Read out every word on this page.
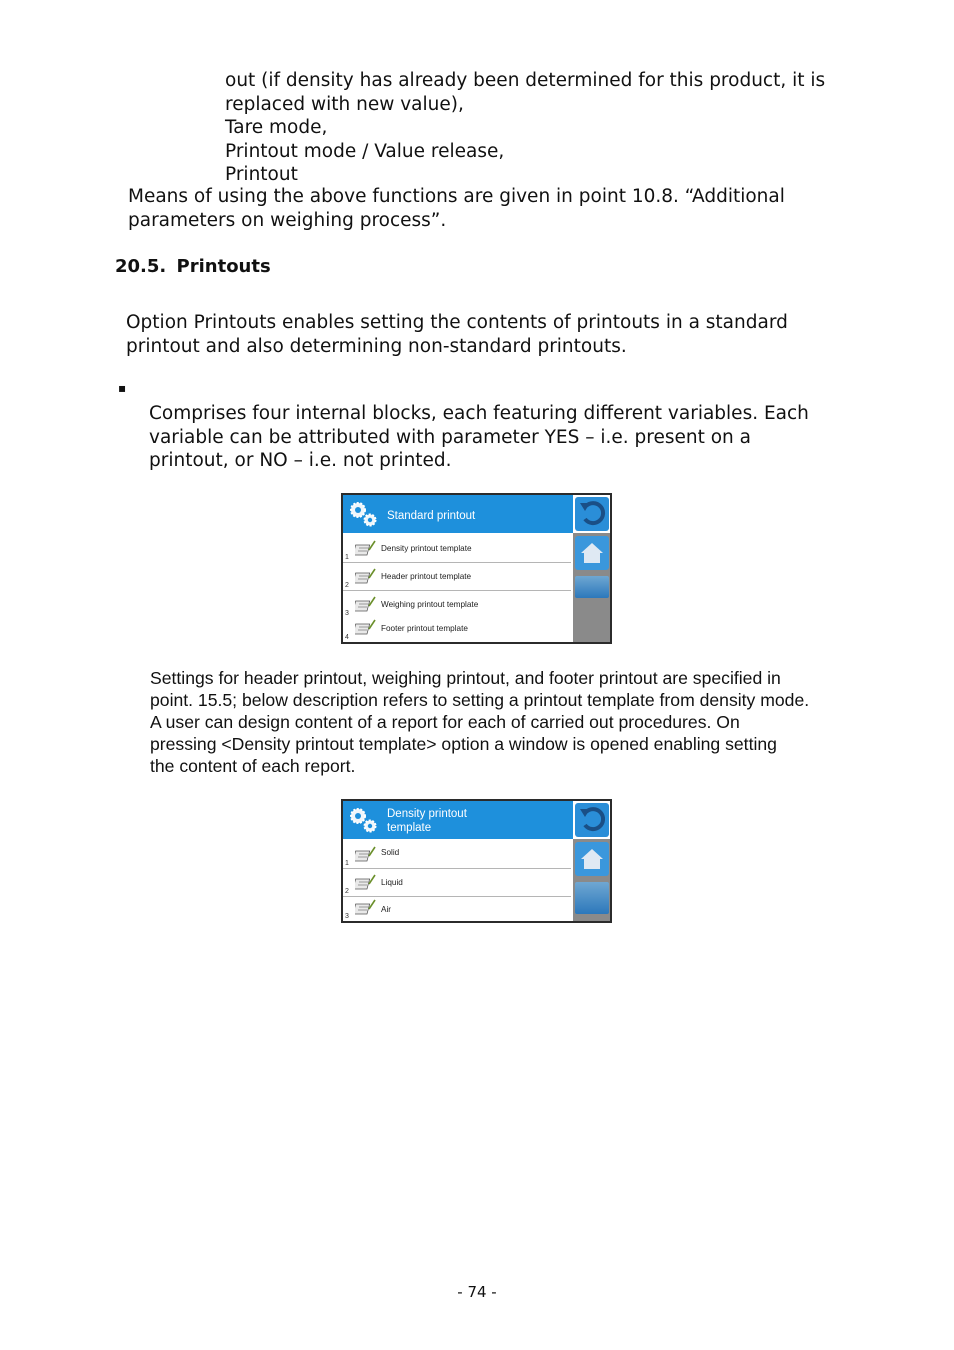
out (if density has already been determined for this product, it is
replaced with new value),
Tare mode,
Printout mode / Value release,
Printout
Means of using the above functions are given in point 10.8. “Additional
parameters on weighing process”.
20.5. Printouts
Option Printouts enables setting the contents of printouts in a standard
printout and also determining non-standard printouts.
▪
Comprises four internal blocks, each featuring different variables. Each
variable can be attributed with parameter YES – i.e. present on a
printout, or NO – i.e. not printed.
Standard printout
Density printout template
1
Header printout template
2
Weighing printout template
3
Footer printout template
4
Settings for header printout, weighing printout, and footer printout are specified in
point. 15.5; below description refers to setting a printout template from density mode.
A user can design content of a report for each of carried out procedures. On
pressing <Density printout template> option a window is opened enabling setting
the content of each report.
Density printout
template
Solid
1
Liquid
2
Air
3
- 74 -
